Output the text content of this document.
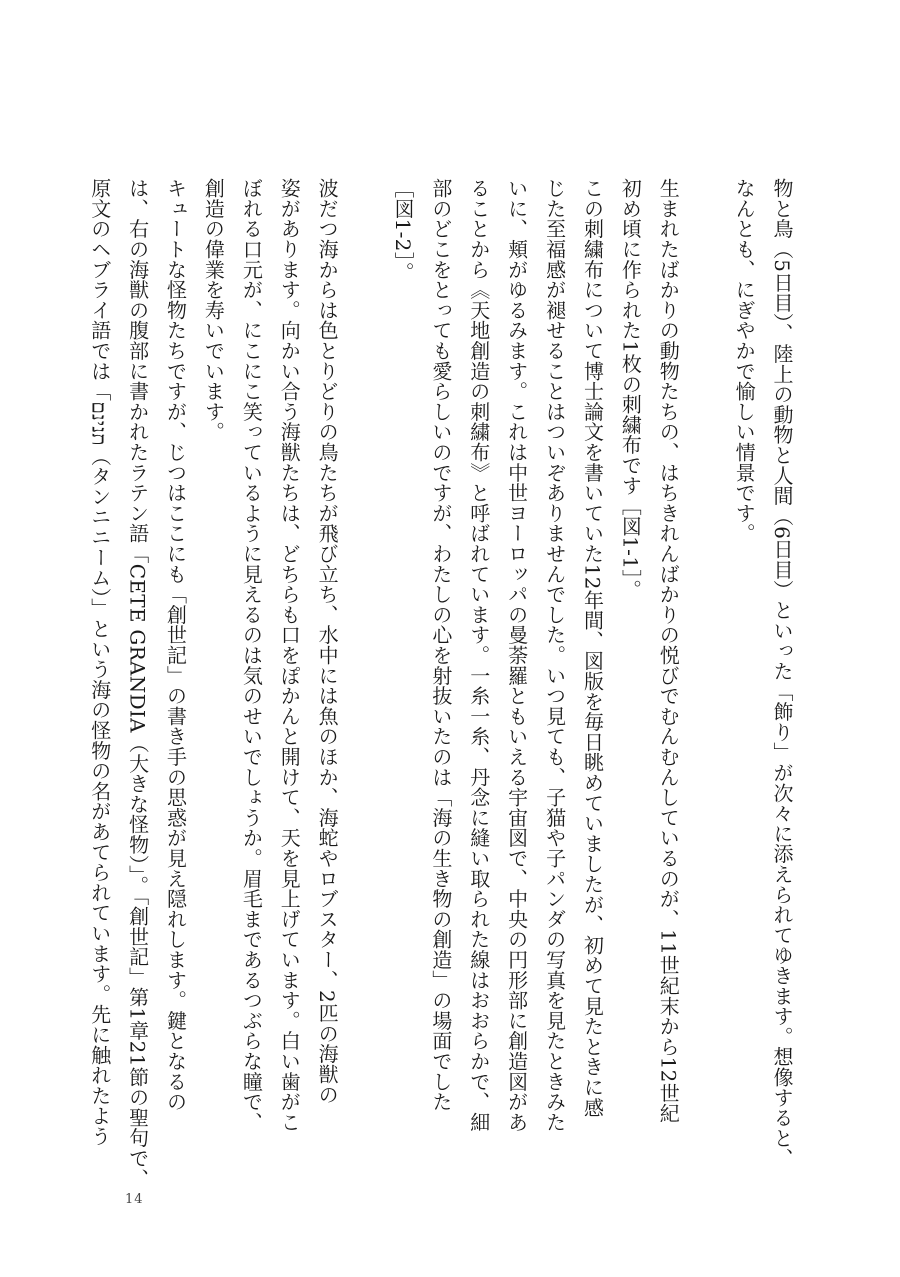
物と鳥（5日目）、陸上の動物と人間（6日目）といった「飾り」が次々に添えられてゆきます。想像すると、

なんとも、にぎやかで愉しい情景です。

生まれたばかりの動物たちの、はちきれんばかりの悦びでむんむんしているのが、11世紀末から12世紀

初め頃に作られた1枚の刺繍布です［図1-1］。

この刺繍布について博士論文を書いていた12年間、図版を毎日眺めていましたが、初めて見たときに感

じた至福感が褪せることはついぞありませんでした。いつ見ても、子猫や子パンダの写真を見たときみた

いに、頬がゆるみます。これは中世ヨーロッパの曼荼羅ともいえる宇宙図で、中央の円形部に創造図があ

ることから《天地創造の刺繍布》と呼ばれています。一糸一糸、丹念に縫い取られた線はおおらかで、細

部のどこをとっても愛らしいのですが、わたしの心を射抜いたのは「海の生き物の創造」の場面でした

［図1-2］。

波だつ海からは色とりどりの鳥たちが飛び立ち、水中には魚のほか、海蛇やロブスター、2匹の海獣の

姿があります。向かい合う海獣たちは、どちらも口をぽかんと開けて、天を見上げています。白い歯がこ

ぼれる口元が、にこにこ笑っているように見えるのは気のせいでしょうか。眉毛まであるつぶらな瞳で、

創造の偉業を寿いでいます。

キュートな怪物たちですが、じつはここにも「創世記」の書き手の思惑が見え隠れします。鍵となるの

は、右の海獣の腹部に書かれたラテン語「CETE GRANDIA（大きな怪物）」。「創世記」第1章21節の聖句で、

原文のヘブライ語では「תנינם（タンニニーム）」という海の怪物の名があてられています。先に触れたよう

14
